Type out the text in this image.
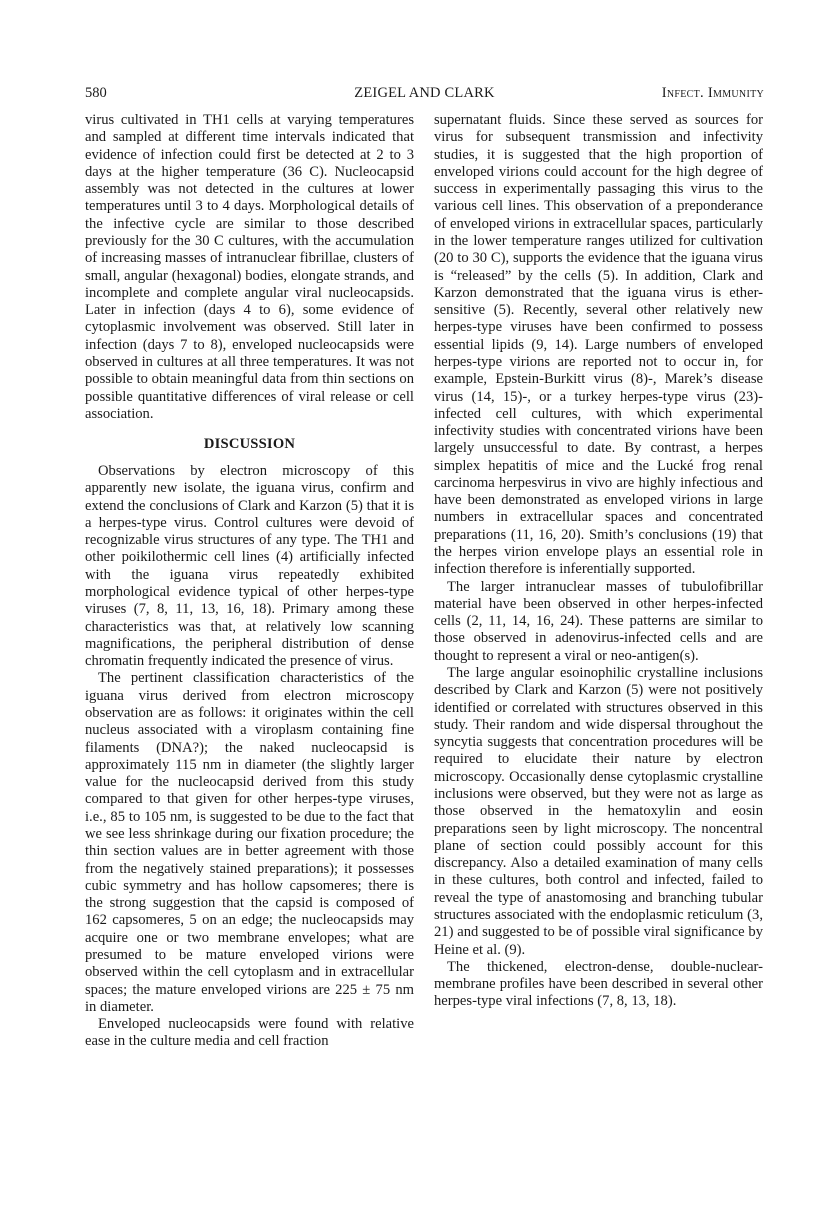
580	ZEIGEL AND CLARK	Infect. Immunity

virus cultivated in TH1 cells at varying temperatures and sampled at different time intervals indicated that evidence of infection could first be detected at 2 to 3 days at the higher temperature (36 C). Nucleocapsid assembly was not detected in the cultures at lower temperatures until 3 to 4 days. Morphological details of the infective cycle are similar to those described previously for the 30 C cultures, with the accumulation of increasing masses of intranuclear fibrillae, clusters of small, angular (hexagonal) bodies, elongate strands, and incomplete and complete angular viral nucleocapsids. Later in infection (days 4 to 6), some evidence of cytoplasmic involvement was observed. Still later in infection (days 7 to 8), enveloped nucleocapsids were observed in cultures at all three temperatures. It was not possible to obtain meaningful data from thin sections on possible quantitative differences of viral release or cell association.

DISCUSSION

Observations by electron microscopy of this apparently new isolate, the iguana virus, confirm and extend the conclusions of Clark and Karzon (5) that it is a herpes-type virus. Control cultures were devoid of recognizable virus structures of any type. The TH1 and other poikilothermic cell lines (4) artificially infected with the iguana virus repeatedly exhibited morphological evidence typical of other herpes-type viruses (7, 8, 11, 13, 16, 18). Primary among these characteristics was that, at relatively low scanning magnifications, the peripheral distribution of dense chromatin frequently indicated the presence of virus.

The pertinent classification characteristics of the iguana virus derived from electron microscopy observation are as follows: it originates within the cell nucleus associated with a viroplasm containing fine filaments (DNA?); the naked nucleocapsid is approximately 115 nm in diameter (the slightly larger value for the nucleocapsid derived from this study compared to that given for other herpes-type viruses, i.e., 85 to 105 nm, is suggested to be due to the fact that we see less shrinkage during our fixation procedure; the thin section values are in better agreement with those from the negatively stained preparations); it possesses cubic symmetry and has hollow capsomeres; there is the strong suggestion that the capsid is composed of 162 capsomeres, 5 on an edge; the nucleocapsids may acquire one or two membrane envelopes; what are presumed to be mature enveloped virions were observed within the cell cytoplasm and in extracellular spaces; the mature enveloped virions are 225 ± 75 nm in diameter.

Enveloped nucleocapsids were found with relative ease in the culture media and cell fraction

supernatant fluids. Since these served as sources for virus for subsequent transmission and infectivity studies, it is suggested that the high proportion of enveloped virions could account for the high degree of success in experimentally passaging this virus to the various cell lines. This observation of a preponderance of enveloped virions in extracellular spaces, particularly in the lower temperature ranges utilized for cultivation (20 to 30 C), supports the evidence that the iguana virus is “released” by the cells (5). In addition, Clark and Karzon demonstrated that the iguana virus is ether-sensitive (5). Recently, several other relatively new herpes-type viruses have been confirmed to possess essential lipids (9, 14). Large numbers of enveloped herpes-type virions are reported not to occur in, for example, Epstein-Burkitt virus (8)-, Marek’s disease virus (14, 15)-, or a turkey herpes-type virus (23)-infected cell cultures, with which experimental infectivity studies with concentrated virions have been largely unsuccessful to date. By contrast, a herpes simplex hepatitis of mice and the Lucké frog renal carcinoma herpesvirus in vivo are highly infectious and have been demonstrated as enveloped virions in large numbers in extracellular spaces and concentrated preparations (11, 16, 20). Smith’s conclusions (19) that the herpes virion envelope plays an essential role in infection therefore is inferentially supported.

The larger intranuclear masses of tubulofibrillar material have been observed in other herpes-infected cells (2, 11, 14, 16, 24). These patterns are similar to those observed in adenovirus-infected cells and are thought to represent a viral or neo-antigen(s).

The large angular esoinophilic crystalline inclusions described by Clark and Karzon (5) were not positively identified or correlated with structures observed in this study. Their random and wide dispersal throughout the syncytia suggests that concentration procedures will be required to elucidate their nature by electron microscopy. Occasionally dense cytoplasmic crystalline inclusions were observed, but they were not as large as those observed in the hematoxylin and eosin preparations seen by light microscopy. The noncentral plane of section could possibly account for this discrepancy. Also a detailed examination of many cells in these cultures, both control and infected, failed to reveal the type of anastomosing and branching tubular structures associated with the endoplasmic reticulum (3, 21) and suggested to be of possible viral significance by Heine et al. (9).

The thickened, electron-dense, double-nuclear-membrane profiles have been described in several other herpes-type viral infections (7, 8, 13, 18).
